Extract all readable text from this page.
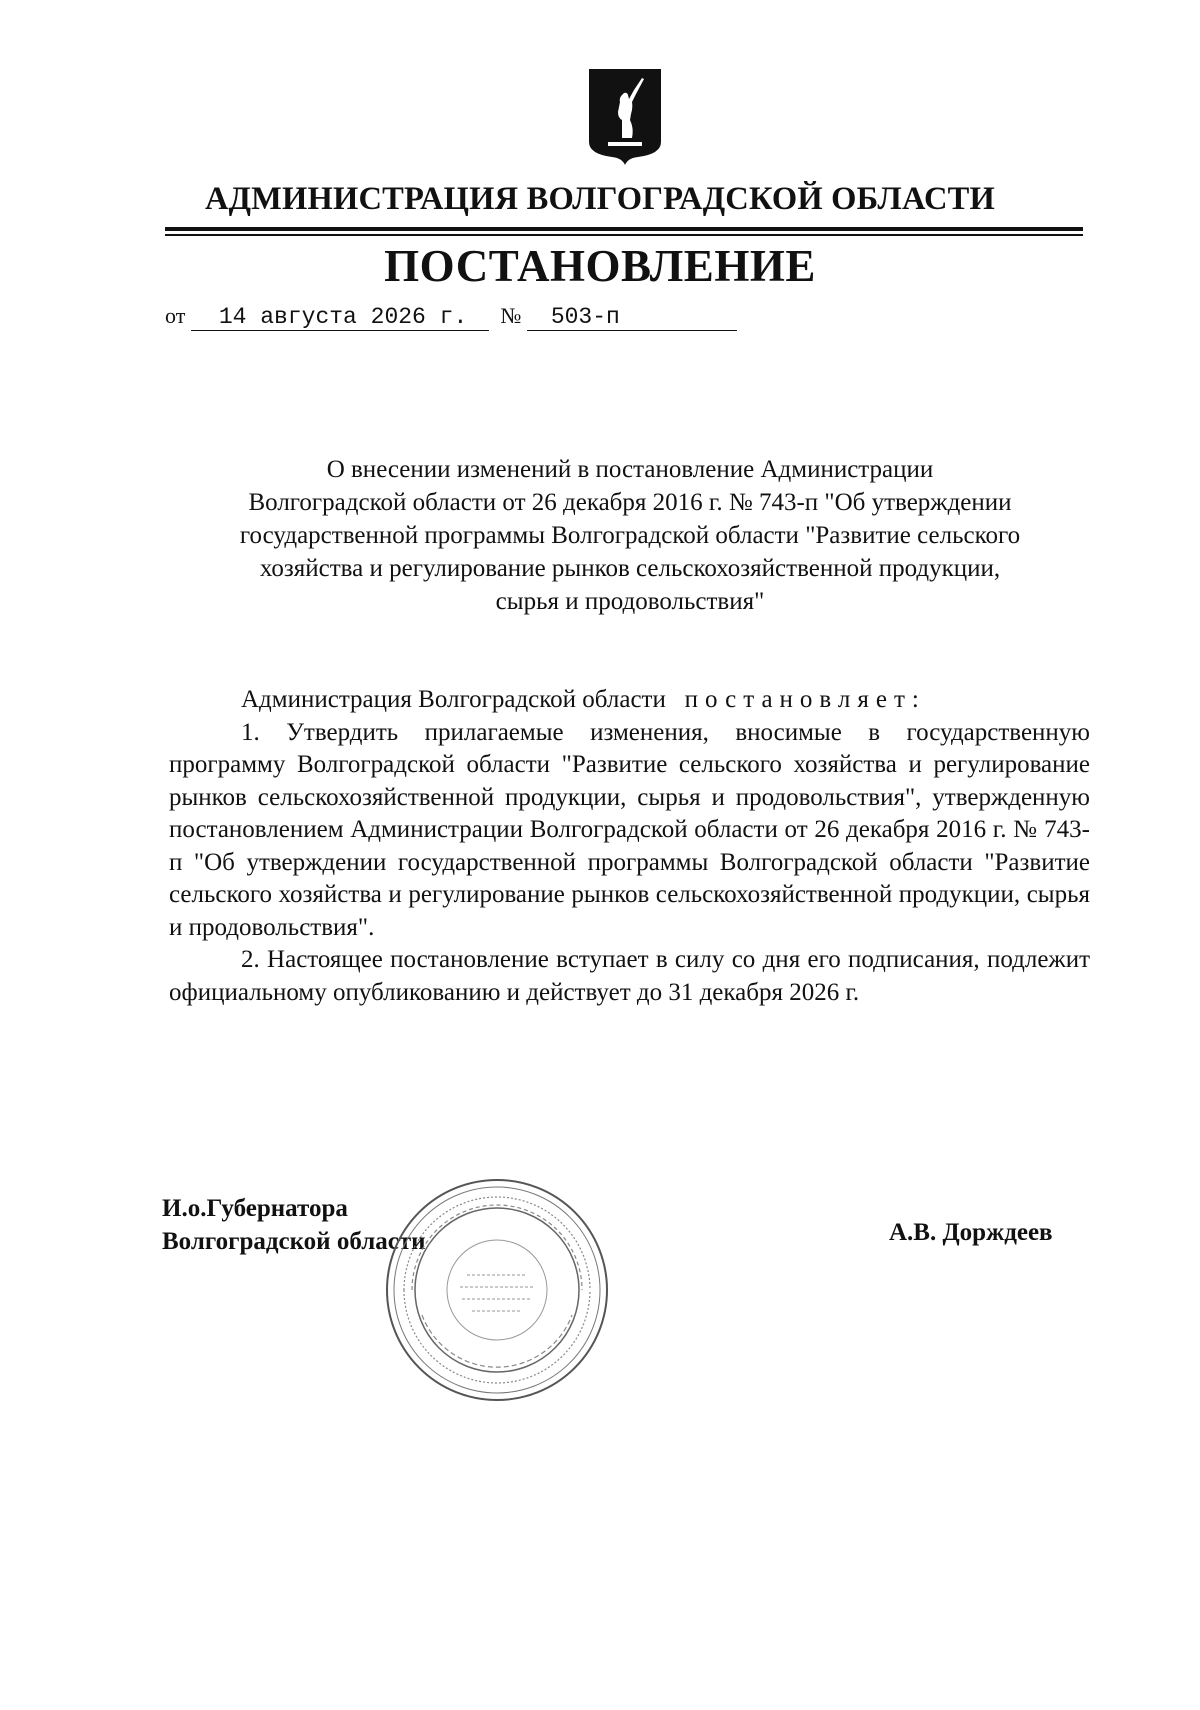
АДМИНИСТРАЦИЯ ВОЛГОГРАДСКОЙ ОБЛАСТИ
ПОСТАНОВЛЕНИЕ
от 14 августа 2026 г. № 503-п
О внесении изменений в постановление Администрации
Волгоградской области от 26 декабря 2016 г. № 743-п "Об утверждении
государственной программы Волгоградской области "Развитие сельского
хозяйства и регулирование рынков сельскохозяйственной продукции,
сырья и продовольствия"

Администрация Волгоградской области постановляет:

1. Утвердить прилагаемые изменения, вносимые в государственную программу Волгоградской области "Развитие сельского хозяйства и регулирование рынков сельскохозяйственной продукции, сырья и продовольствия", утвержденную постановлением Администрации Волгоградской области от 26 декабря 2016 г. № 743-п "Об утверждении государственной программы Волгоградской области "Развитие сельского хозяйства и регулирование рынков сельскохозяйственной продукции, сырья и продовольствия".

2. Настоящее постановление вступает в силу со дня его подписания, подлежит официальному опубликованию и действует до 31 декабря 2026 г.

И.о.Губернатора
Волгоградской области	А.В. Дорждеев
